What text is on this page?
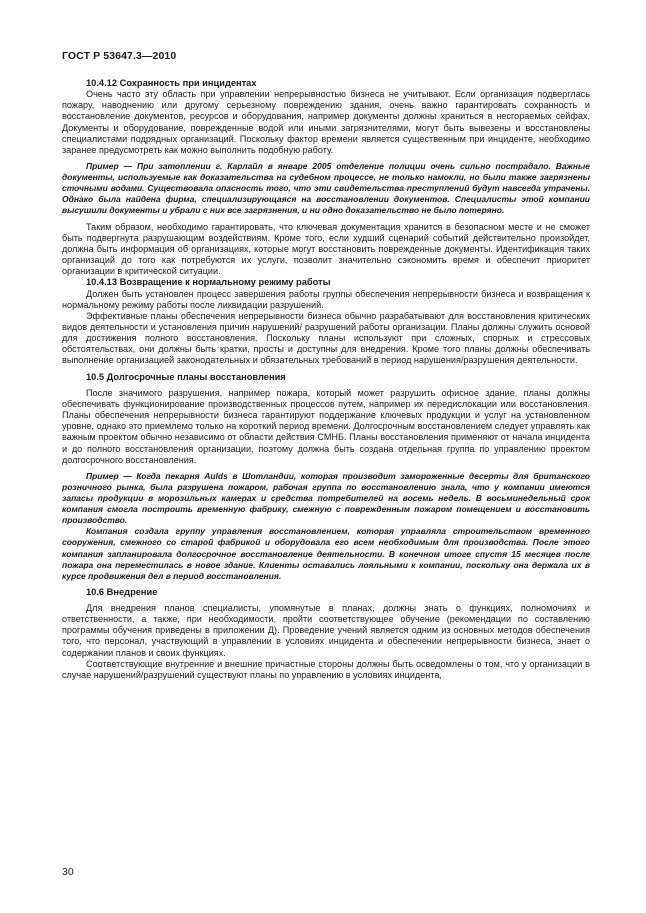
ГОСТ Р 53647.3—2010
10.4.12 Сохранность при инцидентах

Очень часто эту область при управлении непрерывностью бизнеса не учитывают. Если организация подверглась пожару, наводнению или другому серьезному повреждению здания, очень важно гарантировать сохранность и восстановление документов, ресурсов и оборудования, например документы должны храниться в несгораемых сейфах. Документы и оборудование, поврежденные водой или иными загрязнителями, могут быть вывезены и восстановлены специалистами подрядных организаций. Поскольку фактор времени является существенным при инциденте, необходимо заранее предусмотреть как можно выполнить подобную работу.

Пример — При затоплении г. Карлайл в январе 2005 отделение полиции очень сильно пострадало. Важные документы, используемые как доказательства на судебном процессе, не только намокли, но были также загрязнены сточными водами. Существовала опасность того, что эти свидетельства преступлений будут навсегда утрачены. Однако была найдена фирма, специализирующаяся на восстановлении документов. Специалисты этой компании высушили документы и убрали с них все загрязнения, и ни одно доказательство не было потеряно.

Таким образом, необходимо гарантировать, что ключевая документация хранится в безопасном месте и не сможет быть подвергнута разрушающим воздействиям. Кроме того, если худший сценарий событий действительно произойдет, должна быть информация об организациях, которые могут восстановить поврежденные документы. Идентификация таких организаций до того как потребуются их услуги, позволит значительно сэкономить время и обеспечит приоритет организации в критической ситуации.

10.4.13 Возвращение к нормальному режиму работы

Должен быть установлен процесс завершения работы группы обеспечения непрерывности бизнеса и возвращения к нормальному режиму работы после ликвидации разрушений.

Эффективные планы обеспечения непрерывности бизнеса обычно разрабатывают для восстановления критических видов деятельности и установления причин нарушений/ разрушений работы организации. Планы должны служить основой для достижения полного восстановления. Поскольку планы используют при сложных, спорных и стрессовых обстоятельствах, они должны быть кратки, просты и доступны для внедрения. Кроме того планы должны обеспечивать выполнение организацией законодательных и обязательных требований в период нарушения/разрушения деятельности.

10.5 Долгосрочные планы восстановления

После значимого разрушения, например пожара, который может разрушить офисное здание, планы должны обеспечивать функционирование производственных процессов путем, например их передислокации или восстановления. Планы обеспечения непрерывности бизнеса гарантируют поддержание ключевых продукции и услуг на установленном уровне, однако это приемлемо только на короткий период времени. Долгосрочным восстановлением следует управлять как важным проектом обычно независимо от области действия СМНБ. Планы восстановления применяют от начала инцидента и до полного восстановления организации, поэтому должна быть создана отдельная группа по управлению проектом долгосрочного восстановления.

Пример — Когда пекарня Aulds в Шотландии, которая производит замороженные десерты для британского розничного рынка, была разрушена пожаром, рабочая группа по восстановлению знала, что у компании имеются запасы продукции в морозильных камерах и средства потребителей на восемь недель. В восьминедельный срок компания смогла построить временную фабрику, смежную с поврежденным пожаром помещением и восстановить производство.

Компания создала группу управления восстановлением, которая управляла строительством временного сооружения, смежного со старой фабрикой и оборудовала его всем необходимым для производства. После этого компания запланировала долгосрочное восстановление деятельности. В конечном итоге спустя 15 месяцев после пожара она переместилась в новое здание. Клиенты оставались лояльными к компании, поскольку она держала их в курсе продвижения дел в период восстановления.

10.6 Внедрение

Для внедрения планов специалисты, упомянутые в планах, должны знать о функциях, полномочиях и ответственности, а также, при необходимости, пройти соответствующее обучение (рекомендации по составлению программы обучения приведены в приложении Д). Проведение учений является одним из основных методов обеспечения того, что персонал, участвующий в управлении в условиях инцидента и обеспечении непрерывности бизнеса, знает о содержании планов и своих функциях.

Соответствующие внутренние и внешние причастные стороны должны быть осведомлены о том, что у организации в случае нарушений/разрушений существуют планы по управлению в условиях инцидента,

30
